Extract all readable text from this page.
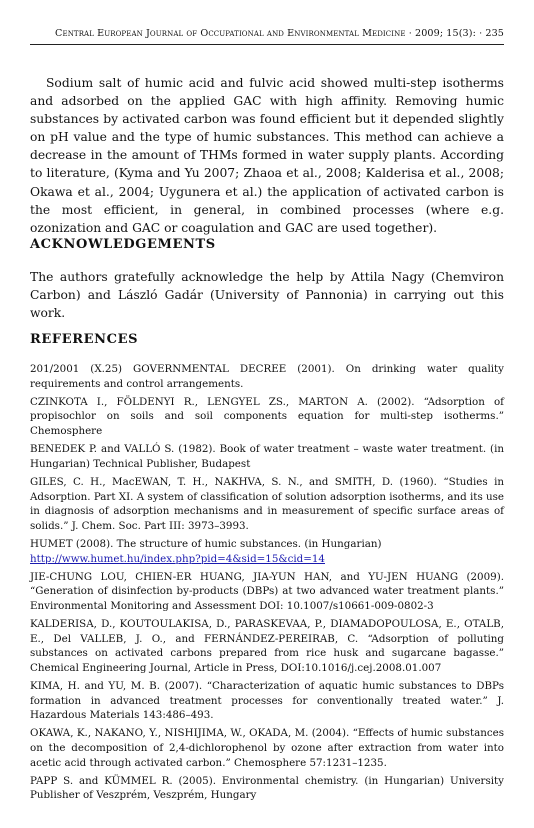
Central European Journal of Occupational and Environmental Medicine · 2009; 15(3): · 235

Sodium salt of humic acid and fulvic acid showed multi-step isotherms and adsorbed on the applied GAC with high affinity. Removing humic substances by activated carbon was found efficient but it depended slightly on pH value and the type of humic substances. This method can achieve a decrease in the amount of THMs formed in water supply plants. According to literature, (Kyma and Yu 2007; Zhaoa et al., 2008; Kalderisa et al., 2008; Okawa et al., 2004; Uygunera et al.) the application of activated carbon is the most efficient, in general, in combined processes (where e.g. ozonization and GAC or coagulation and GAC are used together).

ACKNOWLEDGEMENTS

The authors gratefully acknowledge the help by Attila Nagy (Chemviron Carbon) and László Gadár (University of Pannonia) in carrying out this work.

REFERENCES

201/2001 (X.25) GOVERNMENTAL DECREE (2001). On drinking water quality requirements and control arrangements.

CZINKOTA I., FÖLDENYI R., LENGYEL ZS., MARTON A. (2002). “Adsorption of propisochlor on soils and soil components equation for multi-step isotherms.” Chemosphere

BENEDEK P. and VALLÓ S. (1982). Book of water treatment – waste water treatment. (in Hungarian) Technical Publisher, Budapest

GILES, C. H., MacEWAN, T. H., NAKHVA, S. N., and SMITH, D. (1960). “Studies in Adsorption. Part XI. A system of classification of solution adsorption isotherms, and its use in diagnosis of adsorption mechanisms and in measurement of specific surface areas of solids.” J. Chem. Soc. Part III: 3973–3993.

HUMET (2008). The structure of humic substances. (in Hungarian)
http://www.humet.hu/index.php?pid=4&sid=15&cid=14

JIE-CHUNG LOU, CHIEN-ER HUANG, JIA-YUN HAN, and YU-JEN HUANG (2009). “Generation of disinfection by-products (DBPs) at two advanced water treatment plants.” Environmental Monitoring and Assessment DOI: 10.1007/s10661-009-0802-3

KALDERISA, D., KOUTOULAKISA, D., PARASKEVAA, P., DIAMADOPOULOSA, E., OTALB, E., Del VALLEB, J. O., and FERNÁNDEZ-PEREIRAB, C. “Adsorption of polluting substances on activated carbons prepared from rice husk and sugarcane bagasse.” Chemical Engineering Journal, Article in Press, DOI:10.1016/j.cej.2008.01.007

KIMA, H. and YU, M. B. (2007). “Characterization of aquatic humic substances to DBPs formation in advanced treatment processes for conventionally treated water.” J. Hazardous Materials 143:486–493.

OKAWA, K., NAKANO, Y., NISHIJIMA, W., OKADA, M. (2004). “Effects of humic substances on the decomposition of 2,4-dichlorophenol by ozone after extraction from water into acetic acid through activated carbon.” Chemosphere 57:1231–1235.

PAPP S. and KÜMMEL R. (2005). Environmental chemistry. (in Hungarian) University Publisher of Veszprém, Veszprém, Hungary
